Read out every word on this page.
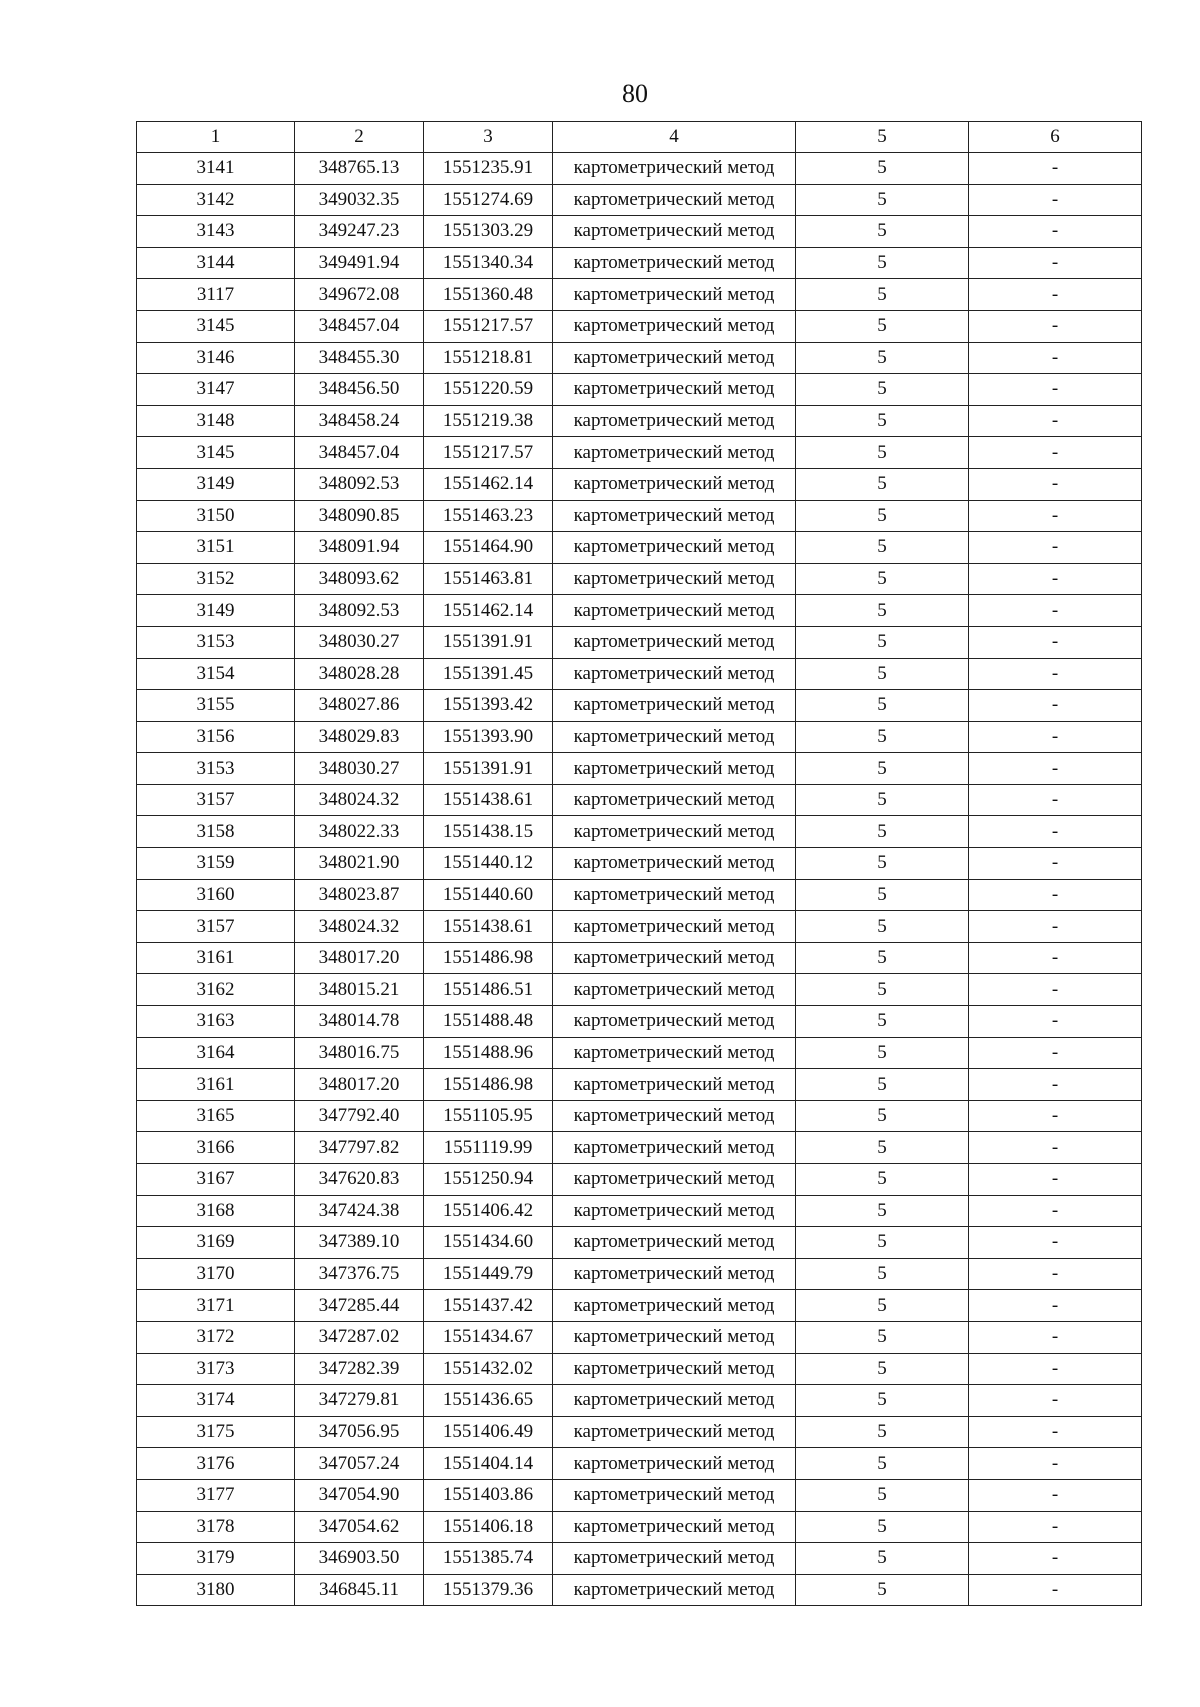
80
1	2	3	4	5	6
3141	348765.13	1551235.91	картометрический метод	5	-
3142	349032.35	1551274.69	картометрический метод	5	-
3143	349247.23	1551303.29	картометрический метод	5	-
3144	349491.94	1551340.34	картометрический метод	5	-
3117	349672.08	1551360.48	картометрический метод	5	-
3145	348457.04	1551217.57	картометрический метод	5	-
3146	348455.30	1551218.81	картометрический метод	5	-
3147	348456.50	1551220.59	картометрический метод	5	-
3148	348458.24	1551219.38	картометрический метод	5	-
3145	348457.04	1551217.57	картометрический метод	5	-
3149	348092.53	1551462.14	картометрический метод	5	-
3150	348090.85	1551463.23	картометрический метод	5	-
3151	348091.94	1551464.90	картометрический метод	5	-
3152	348093.62	1551463.81	картометрический метод	5	-
3149	348092.53	1551462.14	картометрический метод	5	-
3153	348030.27	1551391.91	картометрический метод	5	-
3154	348028.28	1551391.45	картометрический метод	5	-
3155	348027.86	1551393.42	картометрический метод	5	-
3156	348029.83	1551393.90	картометрический метод	5	-
3153	348030.27	1551391.91	картометрический метод	5	-
3157	348024.32	1551438.61	картометрический метод	5	-
3158	348022.33	1551438.15	картометрический метод	5	-
3159	348021.90	1551440.12	картометрический метод	5	-
3160	348023.87	1551440.60	картометрический метод	5	-
3157	348024.32	1551438.61	картометрический метод	5	-
3161	348017.20	1551486.98	картометрический метод	5	-
3162	348015.21	1551486.51	картометрический метод	5	-
3163	348014.78	1551488.48	картометрический метод	5	-
3164	348016.75	1551488.96	картометрический метод	5	-
3161	348017.20	1551486.98	картометрический метод	5	-
3165	347792.40	1551105.95	картометрический метод	5	-
3166	347797.82	1551119.99	картометрический метод	5	-
3167	347620.83	1551250.94	картометрический метод	5	-
3168	347424.38	1551406.42	картометрический метод	5	-
3169	347389.10	1551434.60	картометрический метод	5	-
3170	347376.75	1551449.79	картометрический метод	5	-
3171	347285.44	1551437.42	картометрический метод	5	-
3172	347287.02	1551434.67	картометрический метод	5	-
3173	347282.39	1551432.02	картометрический метод	5	-
3174	347279.81	1551436.65	картометрический метод	5	-
3175	347056.95	1551406.49	картометрический метод	5	-
3176	347057.24	1551404.14	картометрический метод	5	-
3177	347054.90	1551403.86	картометрический метод	5	-
3178	347054.62	1551406.18	картометрический метод	5	-
3179	346903.50	1551385.74	картометрический метод	5	-
3180	346845.11	1551379.36	картометрический метод	5	-
